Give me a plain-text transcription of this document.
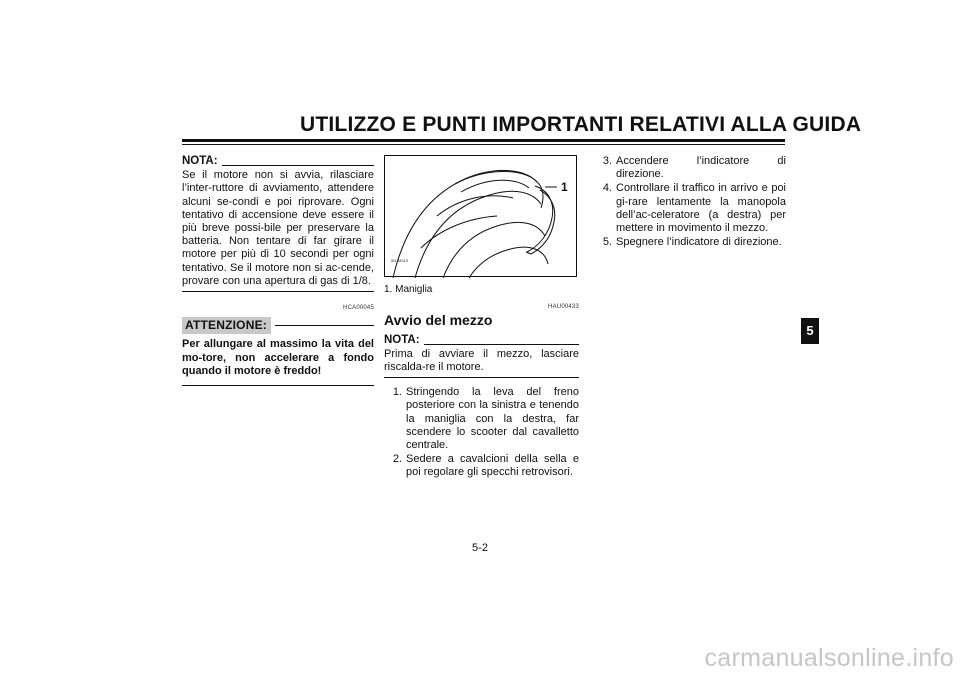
UTILIZZO E PUNTI IMPORTANTI RELATIVI ALLA GUIDA
NOTA:

Se il motore non si avvia, rilasciare l’inter-ruttore di avviamento, attendere alcuni se-condi e poi riprovare. Ogni tentativo di accensione deve essere il più breve possi-bile per preservare la batteria. Non tentare di far girare il motore per più di 10 secondi per ogni tentativo. Se il motore non si ac-cende, provare con una apertura di gas di 1/8.

HCA00045
ATTENZIONE:

Per allungare al massimo la vita del mo-tore, non accelerare a fondo quando il motore è freddo!

1
5NJM019
1. Maniglia
HAU00433
Avvio del mezzo
NOTA:

Prima di avviare il mezzo, lasciare riscalda-re il motore.

1. Stringendo la leva del freno posteriore con la sinistra e tenendo la maniglia con la destra, far scendere lo scooter dal cavalletto centrale.
2. Sedere a cavalcioni della sella e poi regolare gli specchi retrovisori.
3. Accendere l’indicatore di direzione.
4. Controllare il traffico in arrivo e poi gi-rare lentamente la manopola dell’ac-celeratore (a destra) per mettere in movimento il mezzo.
5. Spegnere l’indicatore di direzione.
5
5-2
carmanualsonline.info
